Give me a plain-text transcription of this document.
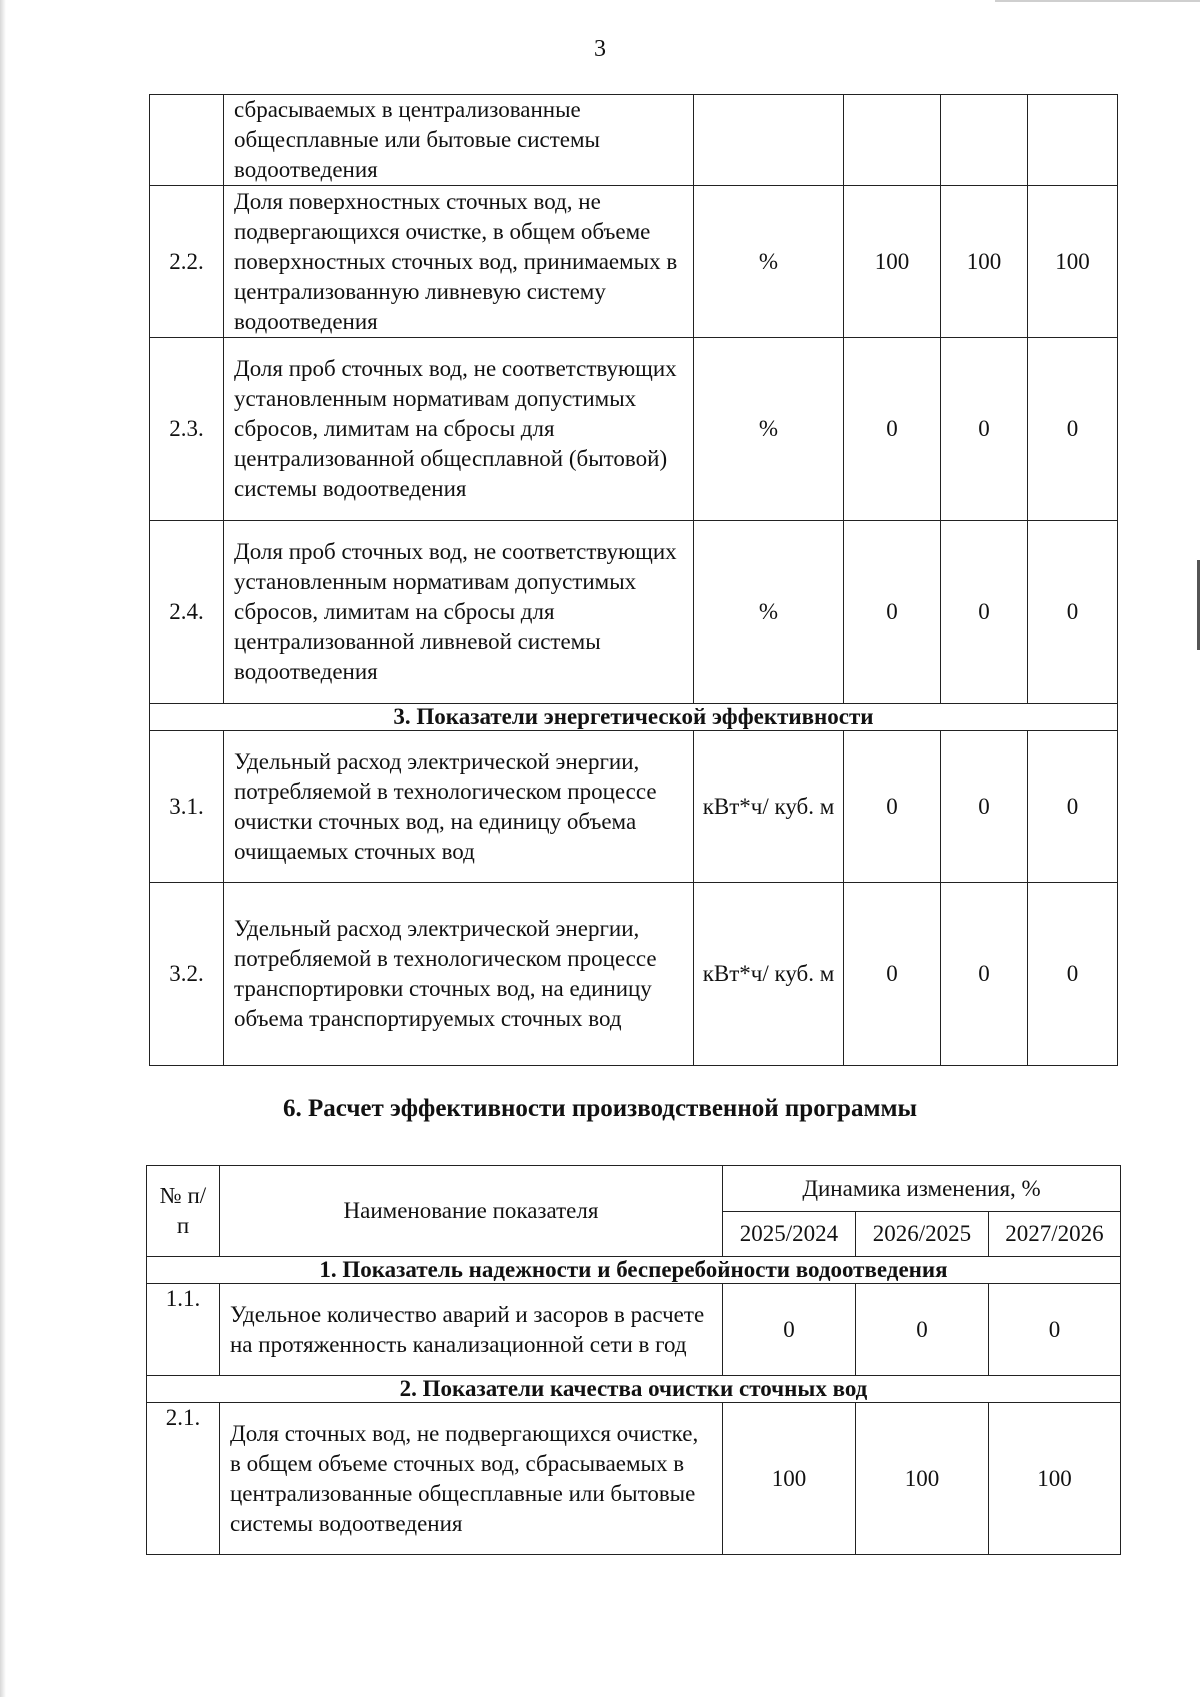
3
	сбрасываемых в централизованные общесплавные или бытовые системы водоотведения				
2.2.	Доля поверхностных сточных вод, не подвергающихся очистке, в общем объеме поверхностных сточных вод, принимаемых в централизованную ливневую систему водоотведения	%	100	100	100
2.3.	Доля проб сточных вод, не соответствующих установленным нормативам допустимых сбросов, лимитам на сбросы для централизованной общесплавной (бытовой) системы водоотведения	%	0	0	0
2.4.	Доля проб сточных вод, не соответствующих установленным нормативам допустимых сбросов, лимитам на сбросы для централизованной ливневой системы водоотведения	%	0	0	0
3. Показатели энергетической эффективности					
3.1.	Удельный расход электрической энергии, потребляемой в технологическом процессе очистки сточных вод, на единицу объема очищаемых сточных вод	кВт*ч/ куб. м	0	0	0
3.2.	Удельный расход электрической энергии, потребляемой в технологическом процессе транспортировки сточных вод, на единицу объема транспортируемых сточных вод	кВт*ч/ куб. м	0	0	0
6. Расчет эффективности производственной программы
№ п/п	Наименование показателя	Динамика изменения, %		
		2025/2024	2026/2025	2027/2026
1. Показатель надежности и бесперебойности водоотведения				
1.1.	Удельное количество аварий и засоров в расчете на протяженность канализационной сети в год	0	0	0
2. Показатели качества очистки сточных вод				
2.1.	Доля сточных вод, не подвергающихся очистке, в общем объеме сточных вод, сбрасываемых в централизованные общесплавные или бытовые системы водоотведения	100	100	100
